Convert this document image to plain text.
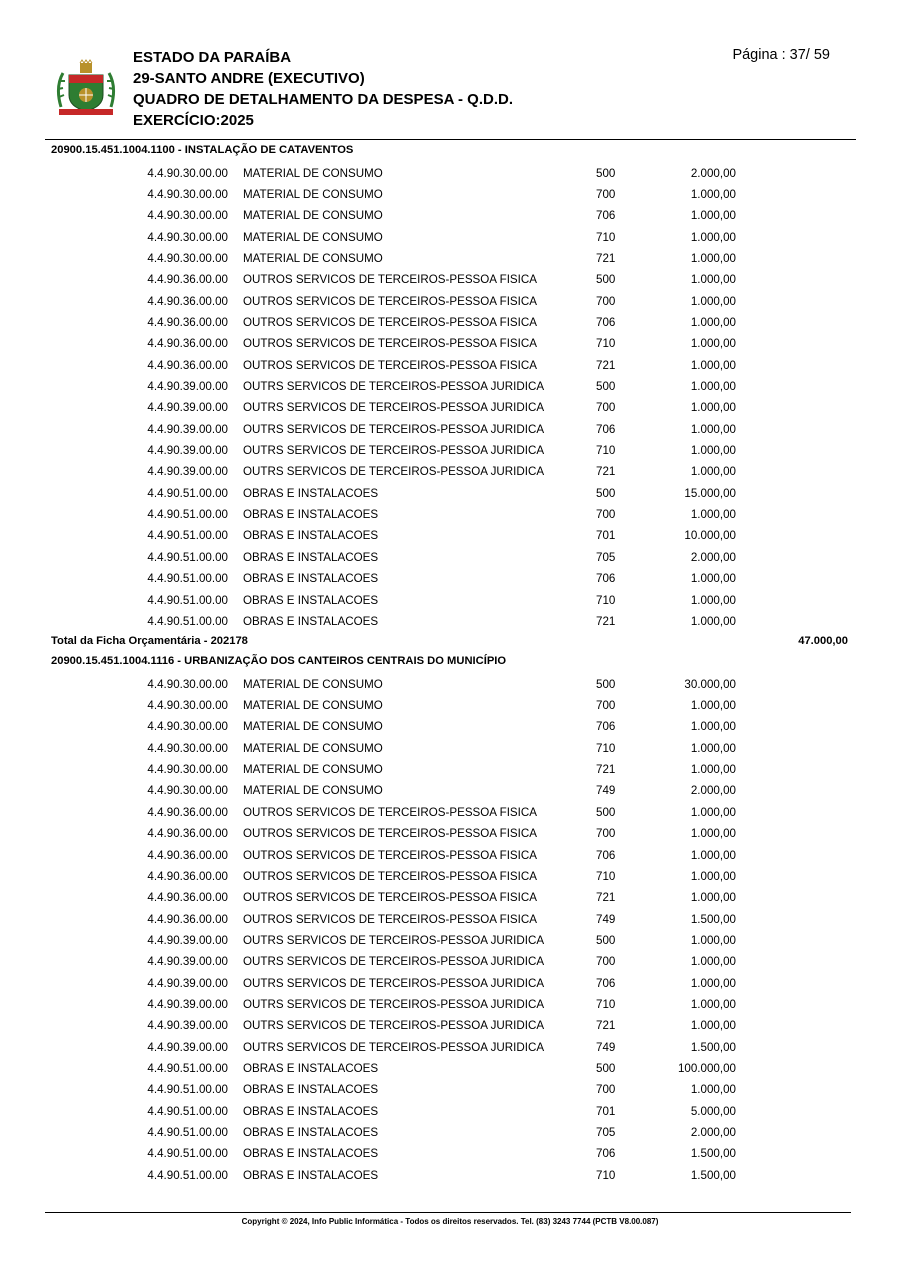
ESTADO DA PARAÍBA
29-SANTO ANDRE (EXECUTIVO)
QUADRO DE DETALHAMENTO DA DESPESA - Q.D.D.
EXERCÍCIO:2025
Página : 37/ 59
20900.15.451.1004.1100 - INSTALAÇÃO DE CATAVENTOS
4.4.90.30.00.00 MATERIAL DE CONSUMO	500	2.000,00
4.4.90.30.00.00 MATERIAL DE CONSUMO	700	1.000,00
4.4.90.30.00.00 MATERIAL DE CONSUMO	706	1.000,00
4.4.90.30.00.00 MATERIAL DE CONSUMO	710	1.000,00
4.4.90.30.00.00 MATERIAL DE CONSUMO	721	1.000,00
4.4.90.36.00.00 OUTROS SERVICOS DE TERCEIROS-PESSOA FISICA	500	1.000,00
4.4.90.36.00.00 OUTROS SERVICOS DE TERCEIROS-PESSOA FISICA	700	1.000,00
4.4.90.36.00.00 OUTROS SERVICOS DE TERCEIROS-PESSOA FISICA	706	1.000,00
4.4.90.36.00.00 OUTROS SERVICOS DE TERCEIROS-PESSOA FISICA	710	1.000,00
4.4.90.36.00.00 OUTROS SERVICOS DE TERCEIROS-PESSOA FISICA	721	1.000,00
4.4.90.39.00.00 OUTRS SERVICOS DE TERCEIROS-PESSOA JURIDICA	500	1.000,00
4.4.90.39.00.00 OUTRS SERVICOS DE TERCEIROS-PESSOA JURIDICA	700	1.000,00
4.4.90.39.00.00 OUTRS SERVICOS DE TERCEIROS-PESSOA JURIDICA	706	1.000,00
4.4.90.39.00.00 OUTRS SERVICOS DE TERCEIROS-PESSOA JURIDICA	710	1.000,00
4.4.90.39.00.00 OUTRS SERVICOS DE TERCEIROS-PESSOA JURIDICA	721	1.000,00
4.4.90.51.00.00 OBRAS E INSTALACOES	500	15.000,00
4.4.90.51.00.00 OBRAS E INSTALACOES	700	1.000,00
4.4.90.51.00.00 OBRAS E INSTALACOES	701	10.000,00
4.4.90.51.00.00 OBRAS E INSTALACOES	705	2.000,00
4.4.90.51.00.00 OBRAS E INSTALACOES	706	1.000,00
4.4.90.51.00.00 OBRAS E INSTALACOES	710	1.000,00
4.4.90.51.00.00 OBRAS E INSTALACOES	721	1.000,00
Total da Ficha Orçamentária - 202178	47.000,00
20900.15.451.1004.1116 - URBANIZAÇÃO DOS CANTEIROS CENTRAIS DO MUNICÍPIO
4.4.90.30.00.00 MATERIAL DE CONSUMO	500	30.000,00
4.4.90.30.00.00 MATERIAL DE CONSUMO	700	1.000,00
4.4.90.30.00.00 MATERIAL DE CONSUMO	706	1.000,00
4.4.90.30.00.00 MATERIAL DE CONSUMO	710	1.000,00
4.4.90.30.00.00 MATERIAL DE CONSUMO	721	1.000,00
4.4.90.30.00.00 MATERIAL DE CONSUMO	749	2.000,00
4.4.90.36.00.00 OUTROS SERVICOS DE TERCEIROS-PESSOA FISICA	500	1.000,00
4.4.90.36.00.00 OUTROS SERVICOS DE TERCEIROS-PESSOA FISICA	700	1.000,00
4.4.90.36.00.00 OUTROS SERVICOS DE TERCEIROS-PESSOA FISICA	706	1.000,00
4.4.90.36.00.00 OUTROS SERVICOS DE TERCEIROS-PESSOA FISICA	710	1.000,00
4.4.90.36.00.00 OUTROS SERVICOS DE TERCEIROS-PESSOA FISICA	721	1.000,00
4.4.90.36.00.00 OUTROS SERVICOS DE TERCEIROS-PESSOA FISICA	749	1.500,00
4.4.90.39.00.00 OUTRS SERVICOS DE TERCEIROS-PESSOA JURIDICA	500	1.000,00
4.4.90.39.00.00 OUTRS SERVICOS DE TERCEIROS-PESSOA JURIDICA	700	1.000,00
4.4.90.39.00.00 OUTRS SERVICOS DE TERCEIROS-PESSOA JURIDICA	706	1.000,00
4.4.90.39.00.00 OUTRS SERVICOS DE TERCEIROS-PESSOA JURIDICA	710	1.000,00
4.4.90.39.00.00 OUTRS SERVICOS DE TERCEIROS-PESSOA JURIDICA	721	1.000,00
4.4.90.39.00.00 OUTRS SERVICOS DE TERCEIROS-PESSOA JURIDICA	749	1.500,00
4.4.90.51.00.00 OBRAS E INSTALACOES	500	100.000,00
4.4.90.51.00.00 OBRAS E INSTALACOES	700	1.000,00
4.4.90.51.00.00 OBRAS E INSTALACOES	701	5.000,00
4.4.90.51.00.00 OBRAS E INSTALACOES	705	2.000,00
4.4.90.51.00.00 OBRAS E INSTALACOES	706	1.500,00
4.4.90.51.00.00 OBRAS E INSTALACOES	710	1.500,00
Copyright © 2024, Info Public Informática - Todos os direitos reservados. Tel. (83) 3243 7744 (PCTB V8.00.087)
